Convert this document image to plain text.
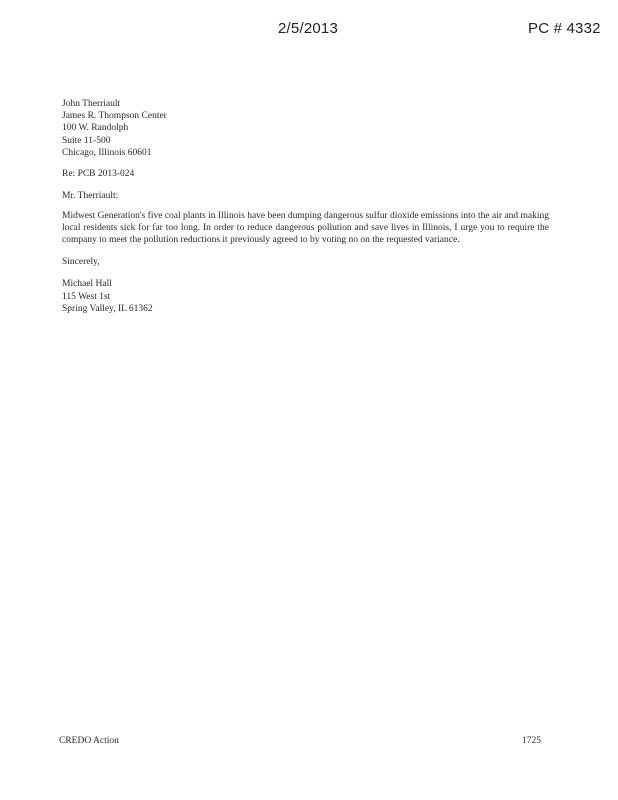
2/5/2013	PC # 4332
John Therriault
James R. Thompson Center
100 W. Randolph
Suite 11-500
Chicago, Illinois 60601
Re: PCB 2013-024
Mr. Therriault:
Midwest Generation's five coal plants in Illinois have been dumping dangerous sulfur dioxide emissions into the air and making local residents sick for far too long. In order to reduce dangerous pollution and save lives in Illinois, I urge you to require the company to meet the pollution reductions it previously agreed to by voting no on the requested variance.
Sincerely,
Michael Hall
115 West 1st
Spring Valley, IL 61362
CREDO Action	1725
